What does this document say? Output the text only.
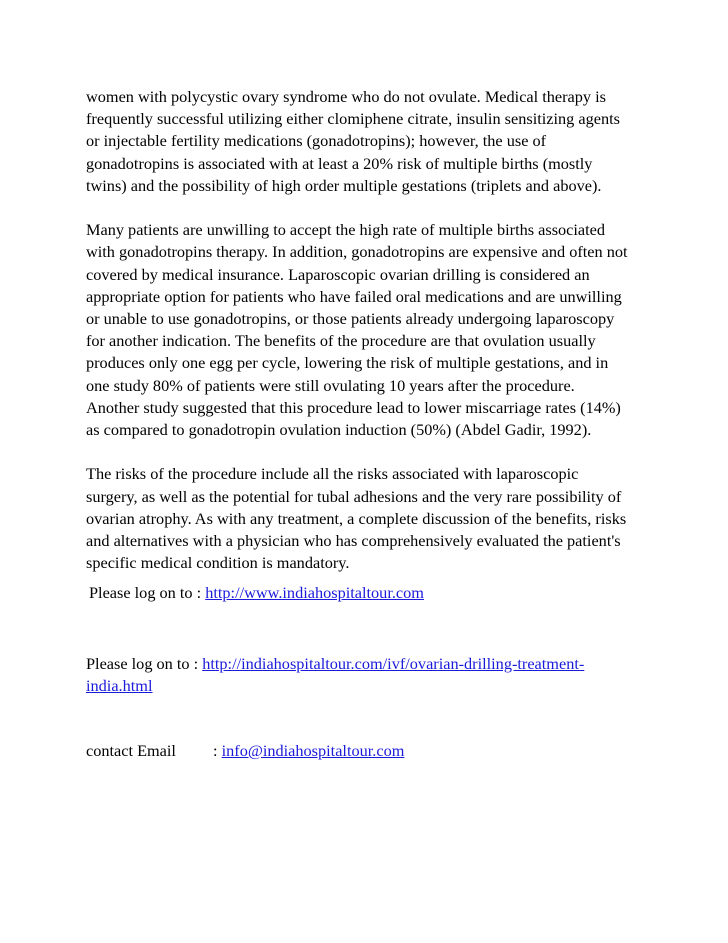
women with polycystic ovary syndrome who do not ovulate. Medical therapy is
frequently successful utilizing either clomiphene citrate, insulin sensitizing agents
or injectable fertility medications (gonadotropins); however, the use of
gonadotropins is associated with at least a 20% risk of multiple births (mostly
twins) and the possibility of high order multiple gestations (triplets and above).

Many patients are unwilling to accept the high rate of multiple births associated
with gonadotropins therapy. In addition, gonadotropins are expensive and often not
covered by medical insurance. Laparoscopic ovarian drilling is considered an
appropriate option for patients who have failed oral medications and are unwilling
or unable to use gonadotropins, or those patients already undergoing laparoscopy
for another indication. The benefits of the procedure are that ovulation usually
produces only one egg per cycle, lowering the risk of multiple gestations, and in
one study 80% of patients were still ovulating 10 years after the procedure.
Another study suggested that this procedure lead to lower miscarriage rates (14%)
as compared to gonadotropin ovulation induction (50%) (Abdel Gadir, 1992).

The risks of the procedure include all the risks associated with laparoscopic
surgery, as well as the potential for tubal adhesions and the very rare possibility of
ovarian atrophy. As with any treatment, a complete discussion of the benefits, risks
and alternatives with a physician who has comprehensively evaluated the patient's
specific medical condition is mandatory.

Please log on to : http://www.indiahospitaltour.com
Please log on to : http://indiahospitaltour.com/ivf/ovarian-drilling-treatment-
india.html
contact Email : info@indiahospitaltour.com
